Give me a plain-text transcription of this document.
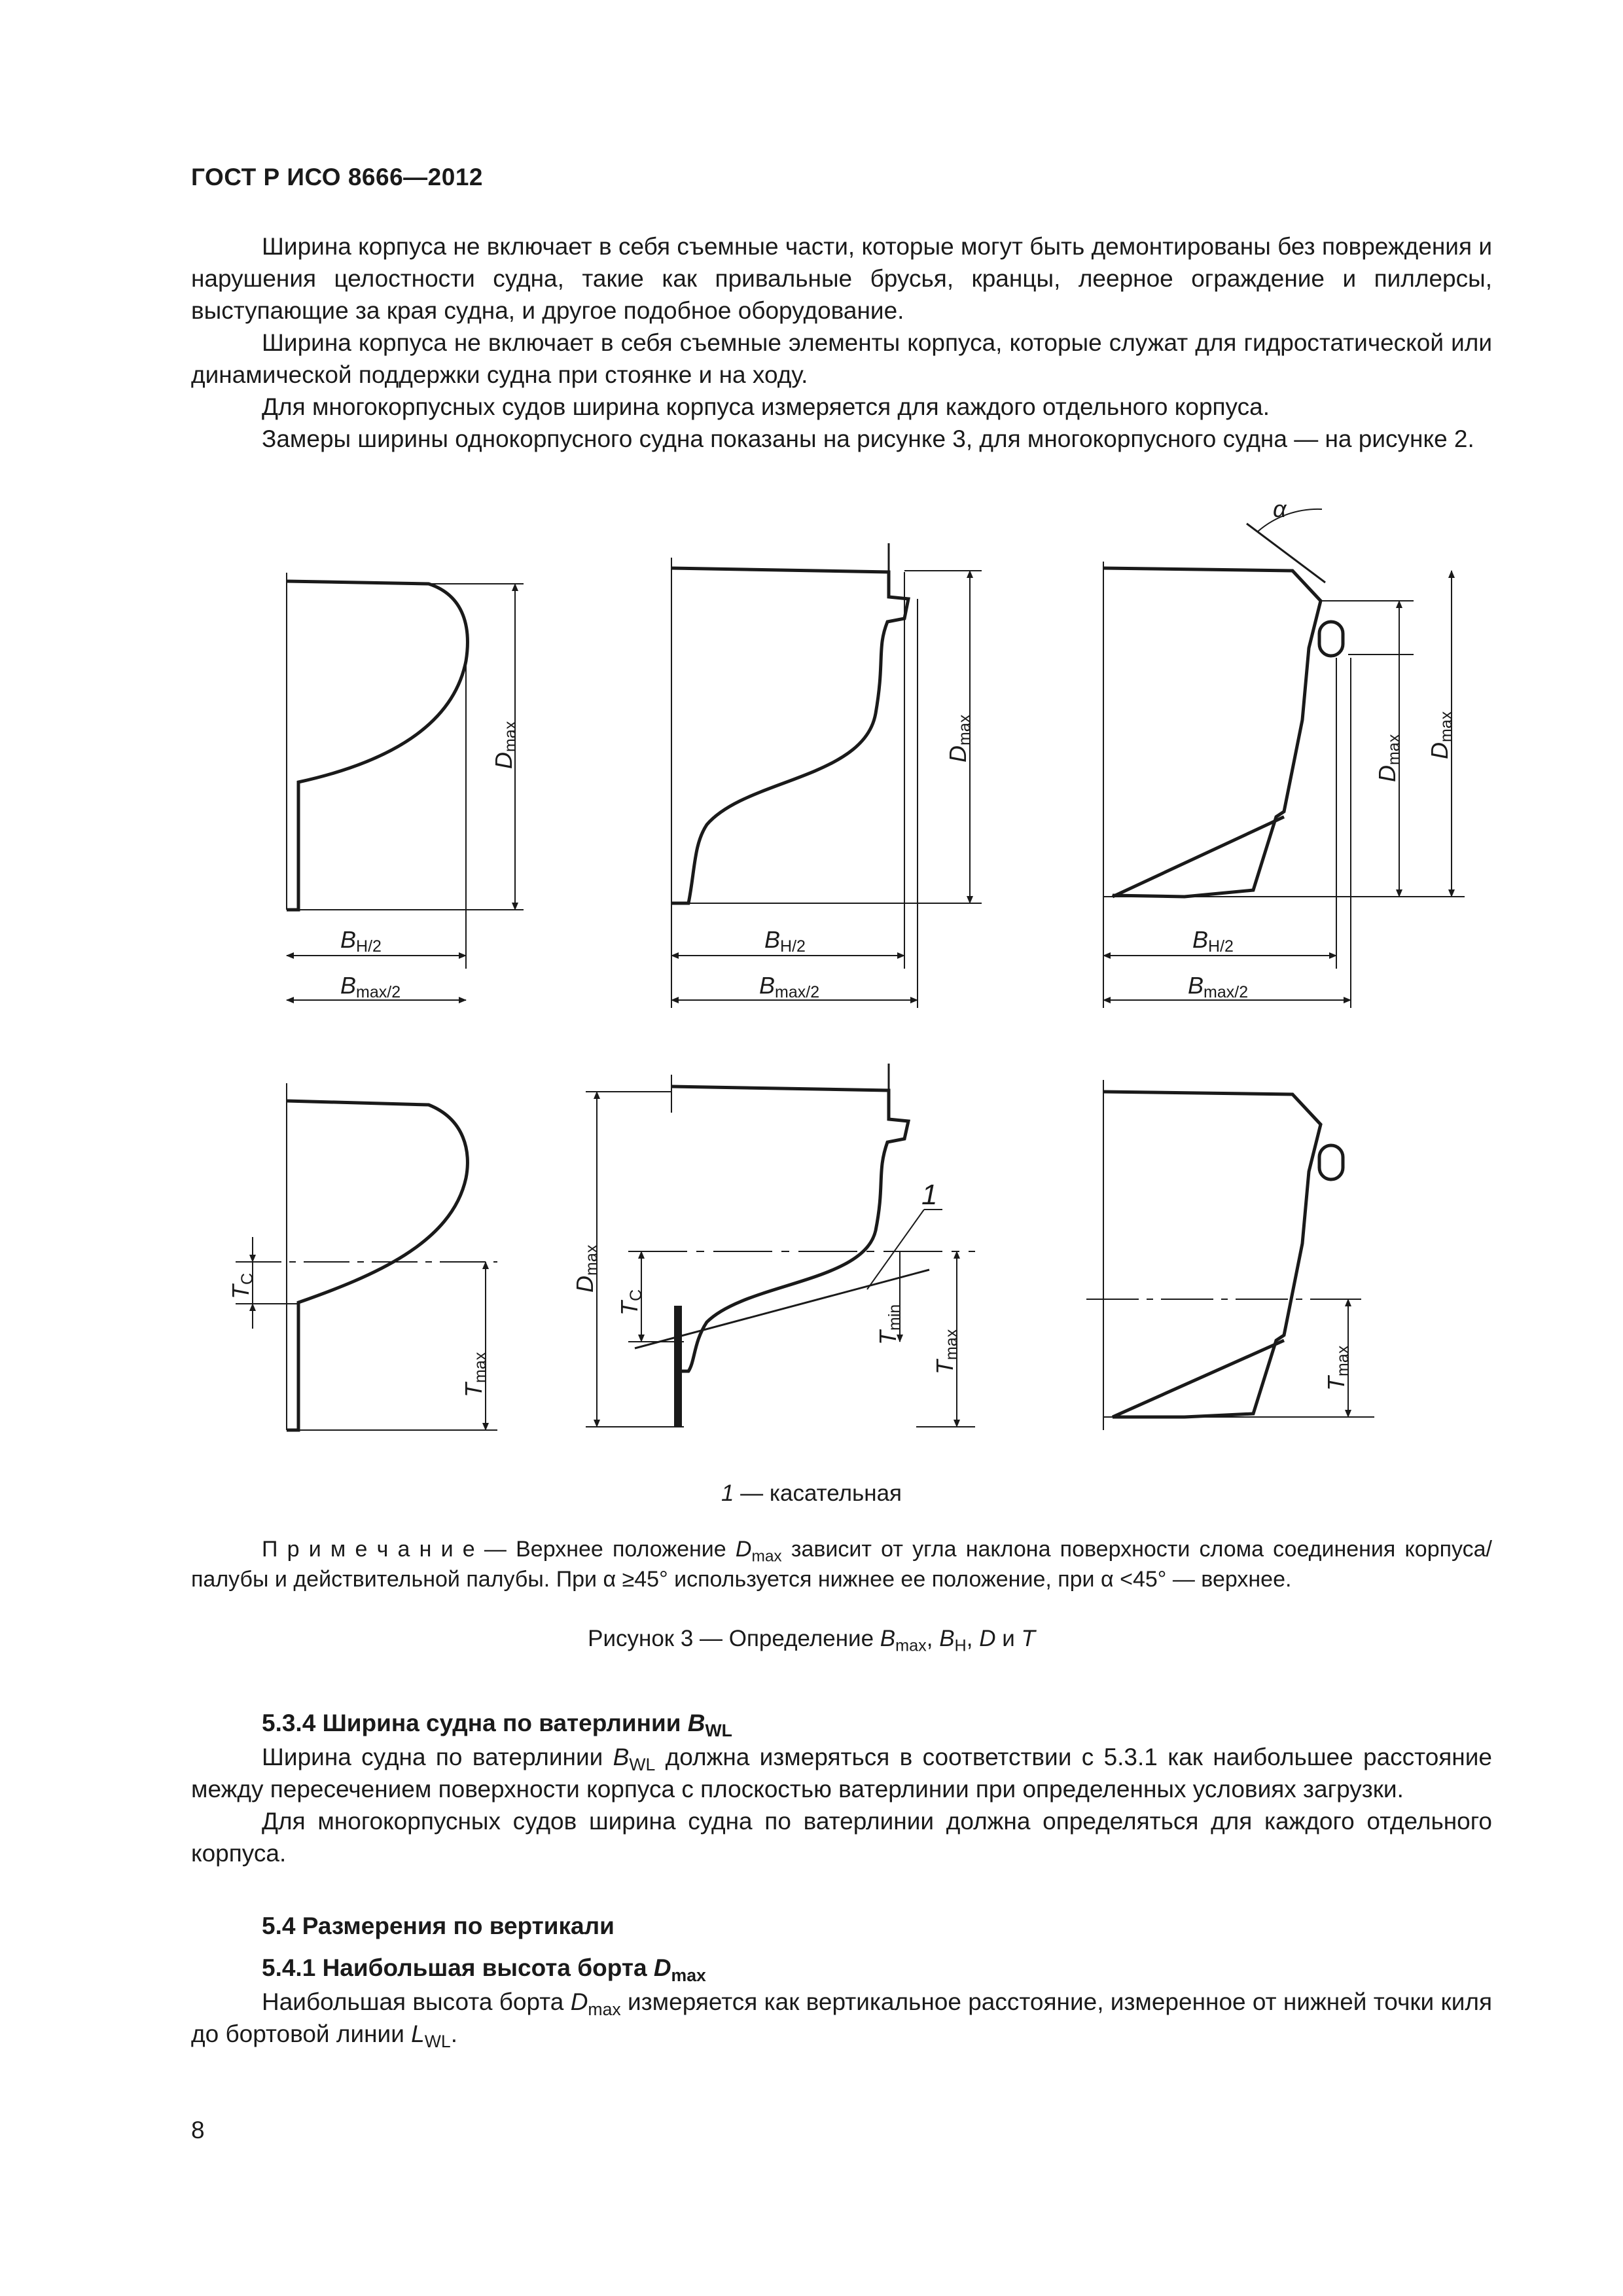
ГОСТ Р ИСО 8666—2012

Ширина корпуса не включает в себя съемные части, которые могут быть демонтированы без повреждения и нарушения целостности судна, такие как привальные брусья, кранцы, леерное ограждение и пиллерсы, выступающие за края судна, и другое подобное оборудование.

Ширина корпуса не включает в себя съемные элементы корпуса, которые служат для гидростатической или динамической поддержки судна при стоянке и на ходу.

Для многокорпусных судов ширина корпуса измеряется для каждого отдельного корпуса.

Замеры ширины однокорпусного судна показаны на рисунке 3, для многокорпусного судна — на рисунке 2.

Dmax
BH/2
Bmax/2
Dmax
BH/2
Bmax/2
α
Dmax Dmax
BH/2
Bmax/2
TC
Tmax
Dmax
TC
Tmin
Tmax
1
Tmax
1 — касательная

П р и м е ч а н и е — Верхнее положение $D_{max}$ зависит от угла наклона поверхности слома соединения корпуса/палубы и действительной палубы. При α ≥45° используется нижнее ее положение, при α <45° — верхнее.

Рисунок 3 — Определение $B_{max}$, $B_H$, D и T
5.3.4 Ширина судна по ватерлинии $B_{WL}$

Ширина судна по ватерлинии $B_{WL}$ должна измеряться в соответствии с 5.3.1 как наибольшее расстояние между пересечением поверхности корпуса с плоскостью ватерлинии при определенных условиях загрузки.

Для многокорпусных судов ширина судна по ватерлинии должна определяться для каждого отдельного корпуса.

5.4 Размерения по вертикали
5.4.1 Наибольшая высота борта $D_{max}$

Наибольшая высота борта $D_{max}$ измеряется как вертикальное расстояние, измеренное от нижней точки киля до бортовой линии $L_{WL}$.

8
